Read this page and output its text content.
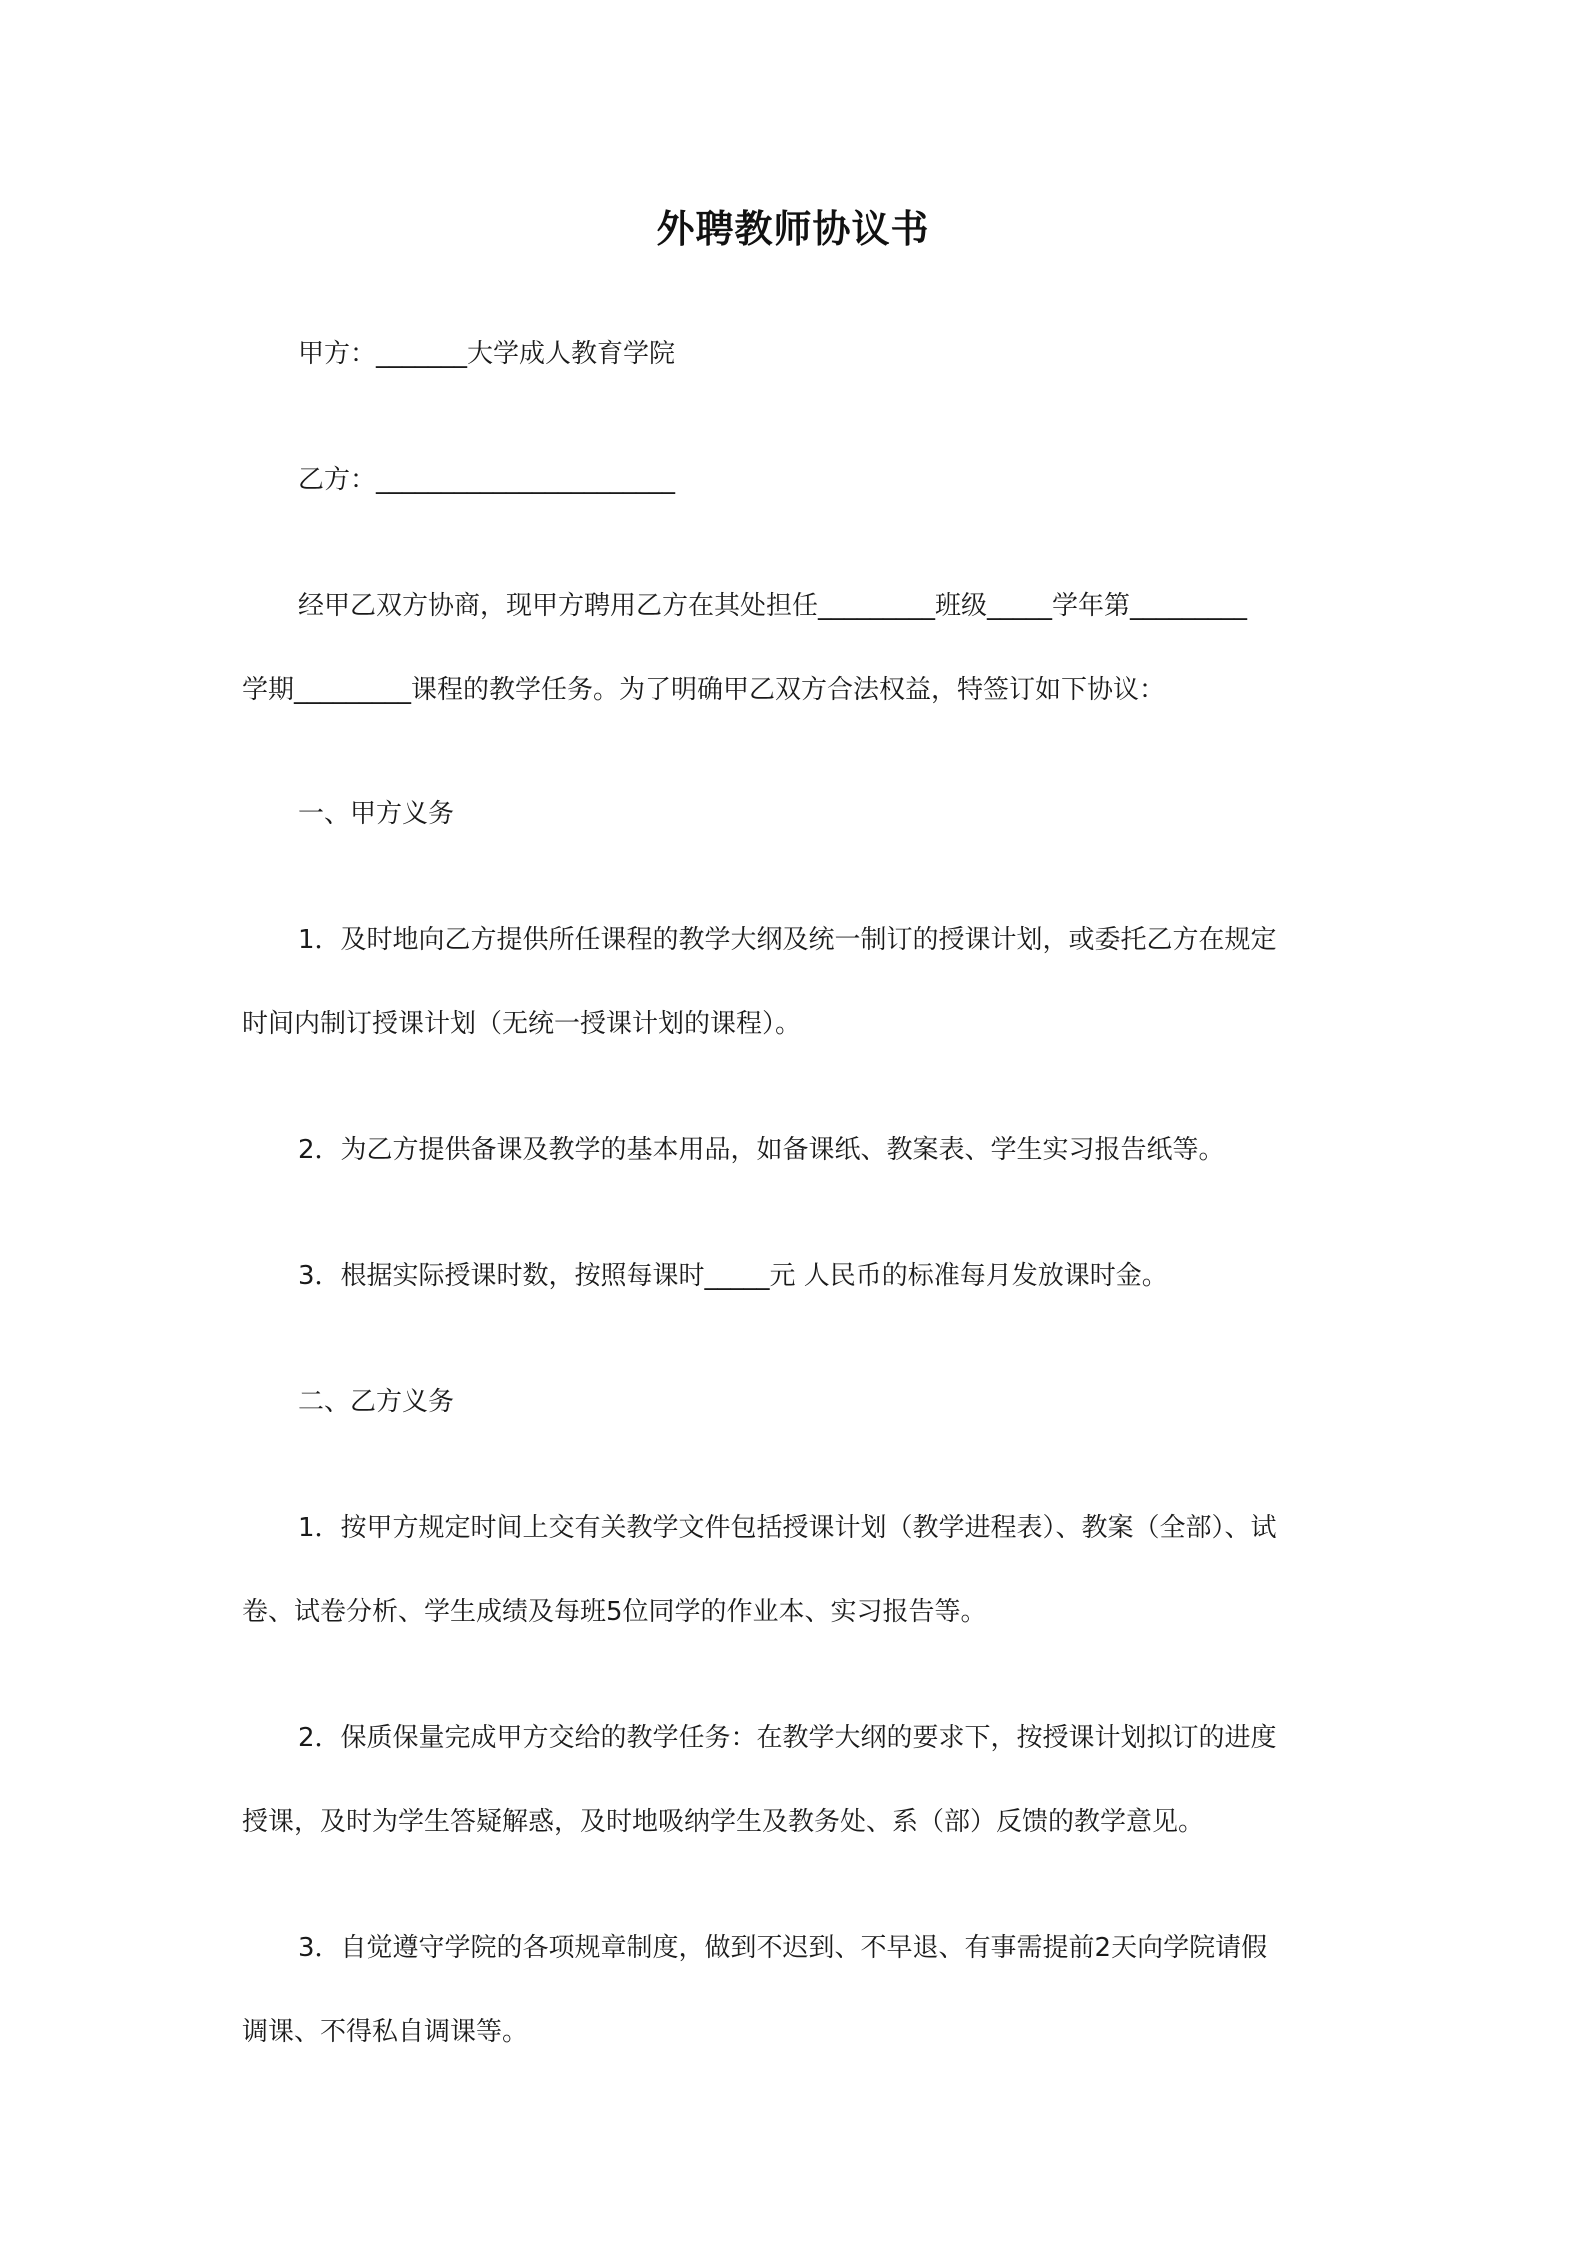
外聘教师协议书
甲方：_______大学成人教育学院
乙方：_______________________
经甲乙双方协商，现甲方聘用乙方在其处担任_________班级_____学年第_________
学期_________课程的教学任务。为了明确甲乙双方合法权益，特签订如下协议：
一、甲方义务
1．及时地向乙方提供所任课程的教学大纲及统一制订的授课计划，或委托乙方在规定
时间内制订授课计划（无统一授课计划的课程）。
2．为乙方提供备课及教学的基本用品，如备课纸、教案表、学生实习报告纸等。
3．根据实际授课时数，按照每课时_____元 人民币的标准每月发放课时金。
二、乙方义务
1．按甲方规定时间上交有关教学文件包括授课计划（教学进程表）、教案（全部）、试
卷、试卷分析、学生成绩及每班5位同学的作业本、实习报告等。
2．保质保量完成甲方交给的教学任务：在教学大纲的要求下，按授课计划拟订的进度
授课，及时为学生答疑解惑，及时地吸纳学生及教务处、系（部）反馈的教学意见。
3．自觉遵守学院的各项规章制度，做到不迟到、不早退、有事需提前2天向学院请假
调课、不得私自调课等。
